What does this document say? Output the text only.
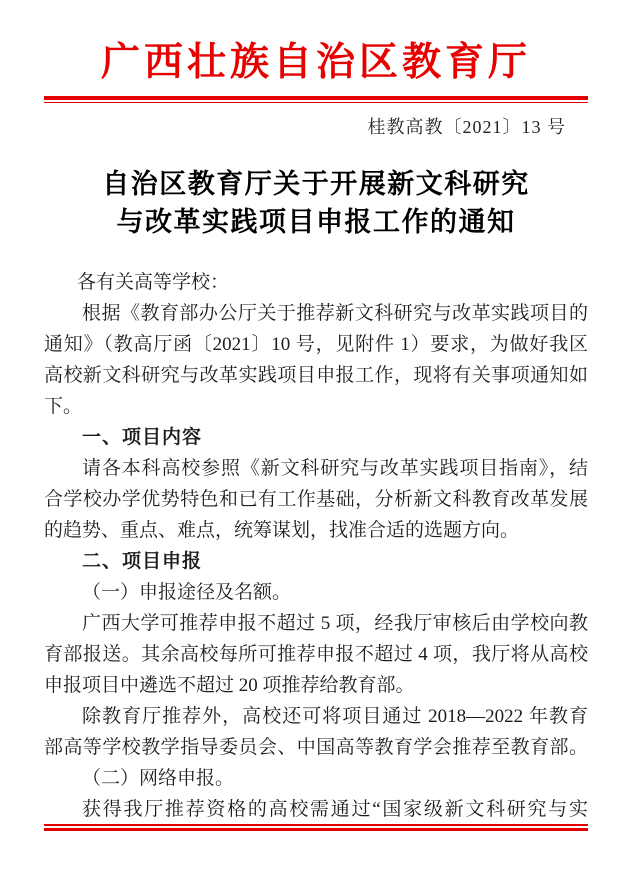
广西壮族自治区教育厅
桂教高教〔2021〕13 号
自治区教育厅关于开展新文科研究
与改革实践项目申报工作的通知
各有关高等学校：
根据《教育部办公厅关于推荐新文科研究与改革实践项目的
通知》（教高厅函〔2021〕10 号，见附件 1）要求，为做好我区
高校新文科研究与改革实践项目申报工作，现将有关事项通知如
下。
一、项目内容
请各本科高校参照《新文科研究与改革实践项目指南》，结
合学校办学优势特色和已有工作基础，分析新文科教育改革发展
的趋势、重点、难点，统筹谋划，找准合适的选题方向。
二、项目申报
（一）申报途径及名额。
广西大学可推荐申报不超过 5 项，经我厅审核后由学校向教
育部报送。其余高校每所可推荐申报不超过 4 项，我厅将从高校
申报项目中遴选不超过 20 项推荐给教育部。
除教育厅推荐外，高校还可将项目通过 2018—2022 年教育
部高等学校教学指导委员会、中国高等教育学会推荐至教育部。
（二）网络申报。
获得我厅推荐资格的高校需通过“国家级新文科研究与实
